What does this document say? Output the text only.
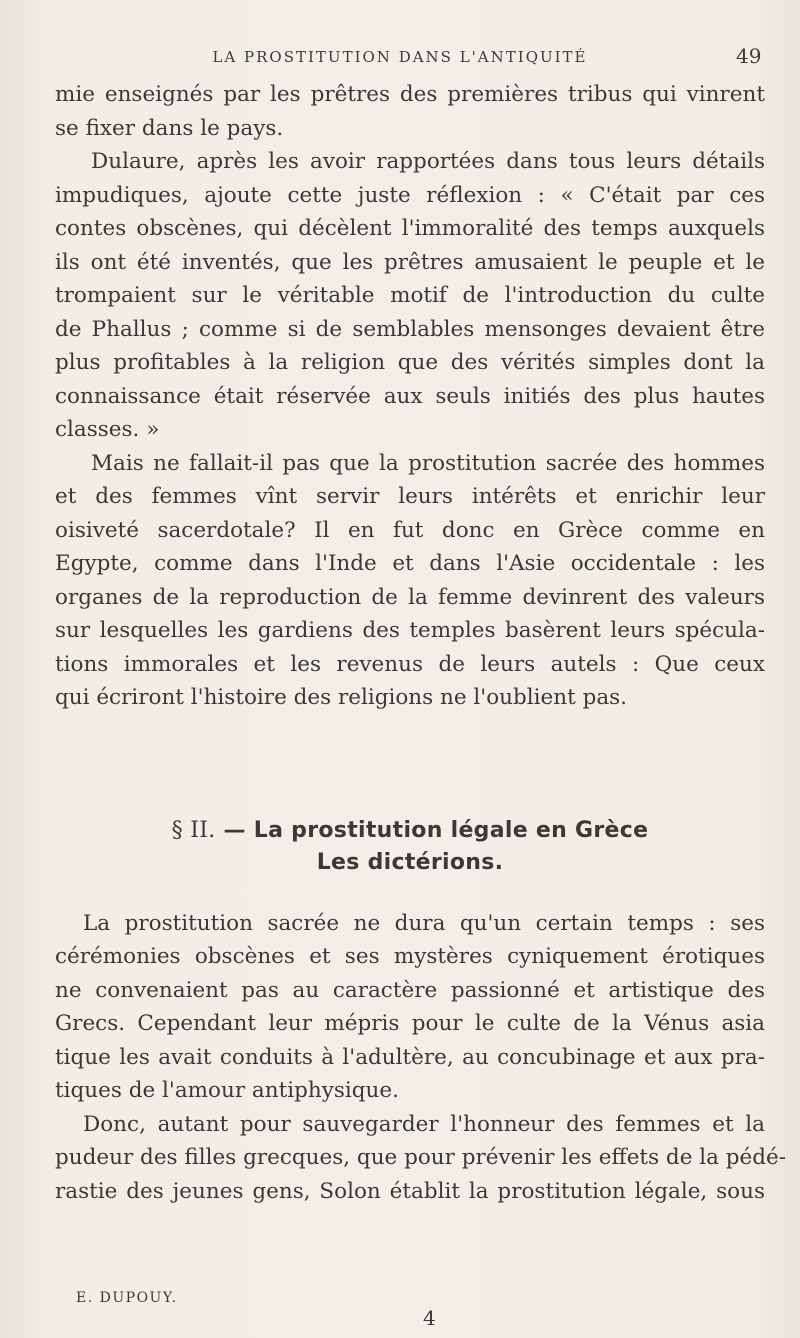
LA PROSTITUTION DANS L'ANTIQUITÉ	49
mie enseignés par les prêtres des premières tribus qui vinrent
se fixer dans le pays.
Dulaure, après les avoir rapportées dans tous leurs détails
impudiques, ajoute cette juste réflexion : « C'était par ces
contes obscènes, qui décèlent l'immoralité des temps auxquels
ils ont été inventés, que les prêtres amusaient le peuple et le
trompaient sur le véritable motif de l'introduction du culte
de Phallus ; comme si de semblables mensonges devaient être
plus profitables à la religion que des vérités simples dont la
connaissance était réservée aux seuls initiés des plus hautes
classes. »
Mais ne fallait-il pas que la prostitution sacrée des hommes
et des femmes vînt servir leurs intérêts et enrichir leur
oisiveté sacerdotale? Il en fut donc en Grèce comme en
Egypte, comme dans l'Inde et dans l'Asie occidentale : les
organes de la reproduction de la femme devinrent des valeurs
sur lesquelles les gardiens des temples basèrent leurs spécula-
tions immorales et les revenus de leurs autels : Que ceux
qui écriront l'histoire des religions ne l'oublient pas.
§ II. — La prostitution légale en Grèce
Les dictérions.
La prostitution sacrée ne dura qu'un certain temps : ses
cérémonies obscènes et ses mystères cyniquement érotiques
ne convenaient pas au caractère passionné et artistique des
Grecs. Cependant leur mépris pour le culte de la Vénus asia
tique les avait conduits à l'adultère, au concubinage et aux pra-
tiques de l'amour antiphysique.
Donc, autant pour sauvegarder l'honneur des femmes et la
pudeur des filles grecques, que pour prévenir les effets de la pédé-
rastie des jeunes gens, Solon établit la prostitution légale, sous
E. DUPOUY.
4
